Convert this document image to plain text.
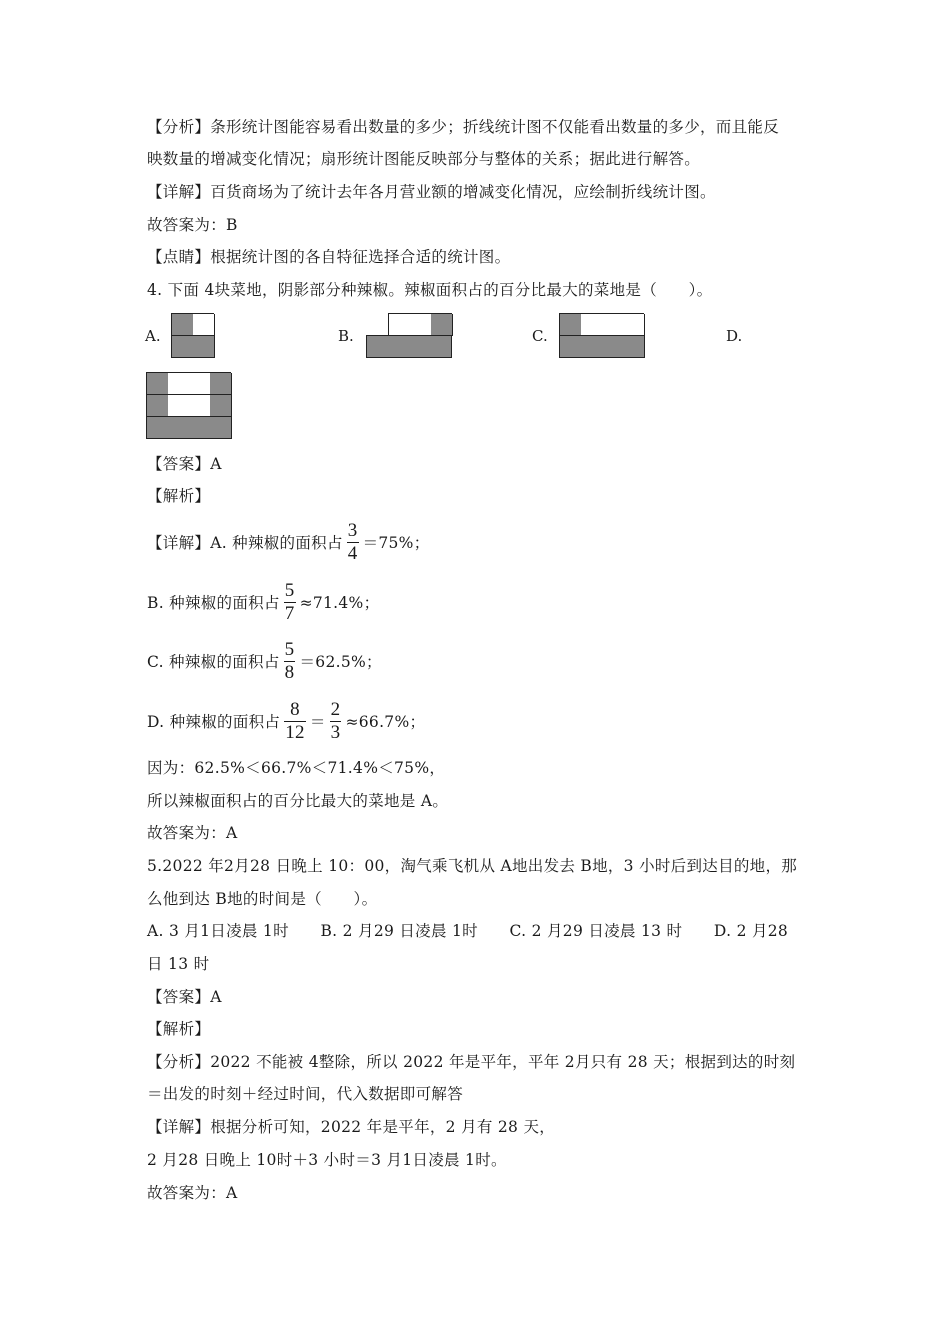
【分析】条形统计图能容易看出数量的多少；折线统计图不仅能看出数量的多少，而且能反
映数量的增减变化情况；扇形统计图能反映部分与整体的关系；据此进行解答。
【详解】百货商场为了统计去年各月营业额的增减变化情况，应绘制折线统计图。
故答案为：B
【点睛】根据统计图的各自特征选择合适的统计图。
4. 下面 4块菜地，阴影部分种辣椒。辣椒面积占的百分比最大的菜地是（　　）。
A.	B.	C.	D.
【答案】A
【解析】
【详解】A. 种辣椒的面积占 $\frac{3}{4} =75\%$；
B. 种辣椒的面积占 $\frac{5}{7} \approx 71.4\%$；
C. 种辣椒的面积占 $\frac{5}{8} =62.5\%$；
D. 种辣椒的面积占 $\frac{8}{12} = \frac{2}{3} \approx 66.7\%$；
因为：62.5%＜66.7%＜71.4%＜75%，
所以辣椒面积占的百分比最大的菜地是 A。
故答案为：A
5.2022 年2月28 日晚上 10：00，淘气乘飞机从 A地出发去 B地，3 小时后到达目的地，那
么他到达 B地的时间是（　　）。
A. 3 月1日凌晨 1时　　B. 2 月29 日凌晨 1时　　C. 2 月29 日凌晨 13 时　　D. 2 月28
日 13 时
【答案】A
【解析】
【分析】2022 不能被 4整除，所以 2022 年是平年，平年 2月只有 28 天；根据到达的时刻
＝出发的时刻＋经过时间，代入数据即可解答
【详解】根据分析可知，2022 年是平年，2 月有 28 天，
2 月28 日晚上 10时＋3 小时＝3 月1日凌晨 1时。
故答案为：A
